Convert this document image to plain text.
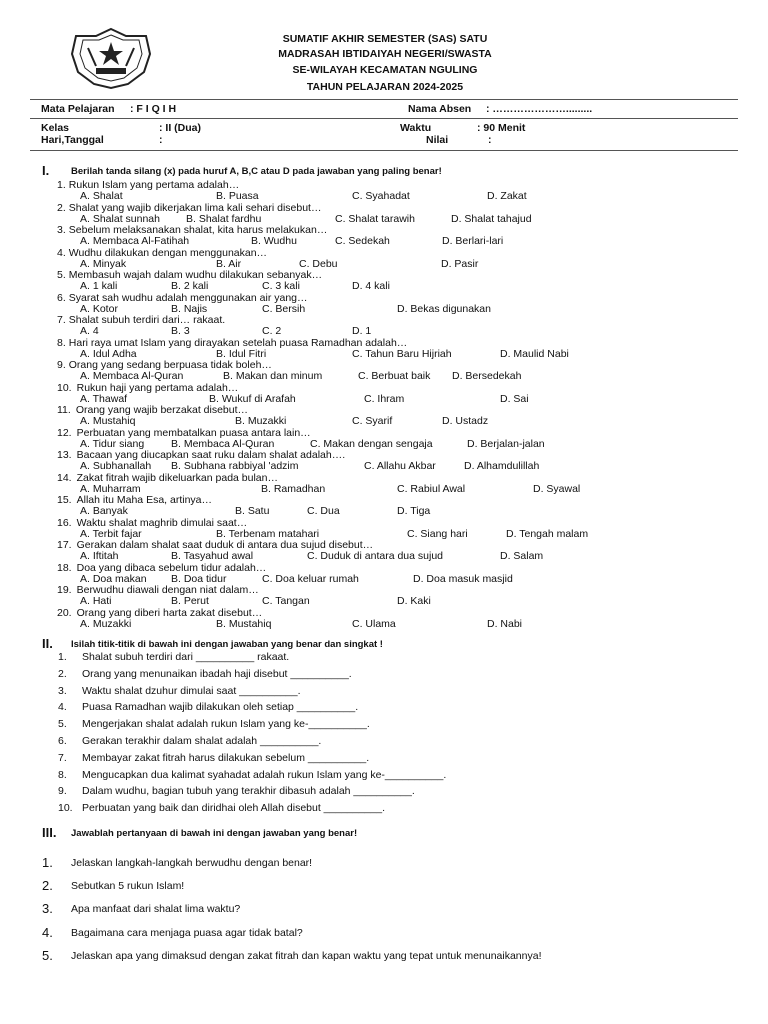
SUMATIF AKHIR SEMESTER (SAS) SATU
MADRASAH IBTIDAIYAH NEGERI/SWASTA
SE-WILAYAH KECAMATAN NGULING
TAHUN PELAJARAN 2024-2025
Mata Pelajaran : F I Q I H	Nama Absen : ………………….........
Kelas	: II (Dua)	Waktu	: 90 Menit
Hari,Tanggal	:	Nilai	:
I. Berilah tanda silang (x) pada huruf A, B,C atau D pada jawaban yang paling benar!
1. Rukun Islam yang pertama adalah…
A. Shalat	B. Puasa	C. Syahadat	D. Zakat
2. Shalat yang wajib dikerjakan lima kali sehari disebut…
A. Shalat sunnah B. Shalat fardhu	C. Shalat tarawih	D. Shalat tahajud
3. Sebelum melaksanakan shalat, kita harus melakukan…
A. Membaca Al-Fatihah	B. Wudhu	C. Sedekah	D. Berlari-lari
4. Wudhu dilakukan dengan menggunakan…
A. Minyak	B. Air	C. Debu	D. Pasir
5. Membasuh wajah dalam wudhu dilakukan sebanyak…
A. 1 kali	B. 2 kali	C. 3 kali	D. 4 kali
6. Syarat sah wudhu adalah menggunakan air yang…
A. Kotor	B. Najis	C. Bersih	D. Bekas digunakan
7. Shalat subuh terdiri dari… rakaat.
A. 4	B. 3	C. 2	D. 1
8. Hari raya umat Islam yang dirayakan setelah puasa Ramadhan adalah…
A. Idul Adha	B. Idul Fitri	C. Tahun Baru Hijriah	D. Maulid Nabi
9. Orang yang sedang berpuasa tidak boleh…
A. Membaca Al-Quran	B. Makan dan minum	C. Berbuat baik D. Bersedekah
10. Rukun haji yang pertama adalah…
A. Thawaf	B. Wukuf di Arafah	C. Ihram	D. Sai
11. Orang yang wajib berzakat disebut…
A. Mustahiq	B. Muzakki	C. Syarif	D. Ustadz
12. Perbuatan yang membatalkan puasa antara lain…
A. Tidur siang	B. Membaca Al-Quran	C. Makan dengan sengaja	D. Berjalan-jalan
13. Bacaan yang diucapkan saat ruku dalam shalat adalah….
A. Subhanallah B. Subhana rabbiyal 'adzim	C. Allahu Akbar	D. Alhamdulillah
14. Zakat fitrah wajib dikeluarkan pada bulan…
A. Muharram	B. Ramadhan	C. Rabiul Awal	D. Syawal
15. Allah itu Maha Esa, artinya…
A. Banyak	B. Satu	C. Dua	D. Tiga
16. Waktu shalat maghrib dimulai saat…
A. Terbit fajar	B. Terbenam matahari	C. Siang hari	D. Tengah malam
17. Gerakan dalam shalat saat duduk di antara dua sujud disebut…
A. Iftitah	B. Tasyahud awal	C. Duduk di antara dua sujud	D. Salam
18. Doa yang dibaca sebelum tidur adalah…
A. Doa makan B. Doa tidur	C. Doa keluar rumah	D. Doa masuk masjid
19. Berwudhu diawali dengan niat dalam…
A. Hati	B. Perut	C. Tangan	D. Kaki
20. Orang yang diberi harta zakat disebut…
A. Muzakki	B. Mustahiq	C. Ulama	D. Nabi
II. Isilah titik-titik di bawah ini dengan jawaban yang benar dan singkat !
1. Shalat subuh terdiri dari __________ rakaat.
2. Orang yang menunaikan ibadah haji disebut __________.
3. Waktu shalat dzuhur dimulai saat __________.
4. Puasa Ramadhan wajib dilakukan oleh setiap __________.
5. Mengerjakan shalat adalah rukun Islam yang ke-__________.
6. Gerakan terakhir dalam shalat adalah __________.
7. Membayar zakat fitrah harus dilakukan sebelum __________.
8. Mengucapkan dua kalimat syahadat adalah rukun Islam yang ke-__________.
9. Dalam wudhu, bagian tubuh yang terakhir dibasuh adalah __________.
10. Perbuatan yang baik dan diridhai oleh Allah disebut __________.
III. Jawablah pertanyaan di bawah ini dengan jawaban yang benar!
1. Jelaskan langkah-langkah berwudhu dengan benar!
2. Sebutkan 5 rukun Islam!
3. Apa manfaat dari shalat lima waktu?
4. Bagaimana cara menjaga puasa agar tidak batal?
5. Jelaskan apa yang dimaksud dengan zakat fitrah dan kapan waktu yang tepat untuk menunaikannya!
